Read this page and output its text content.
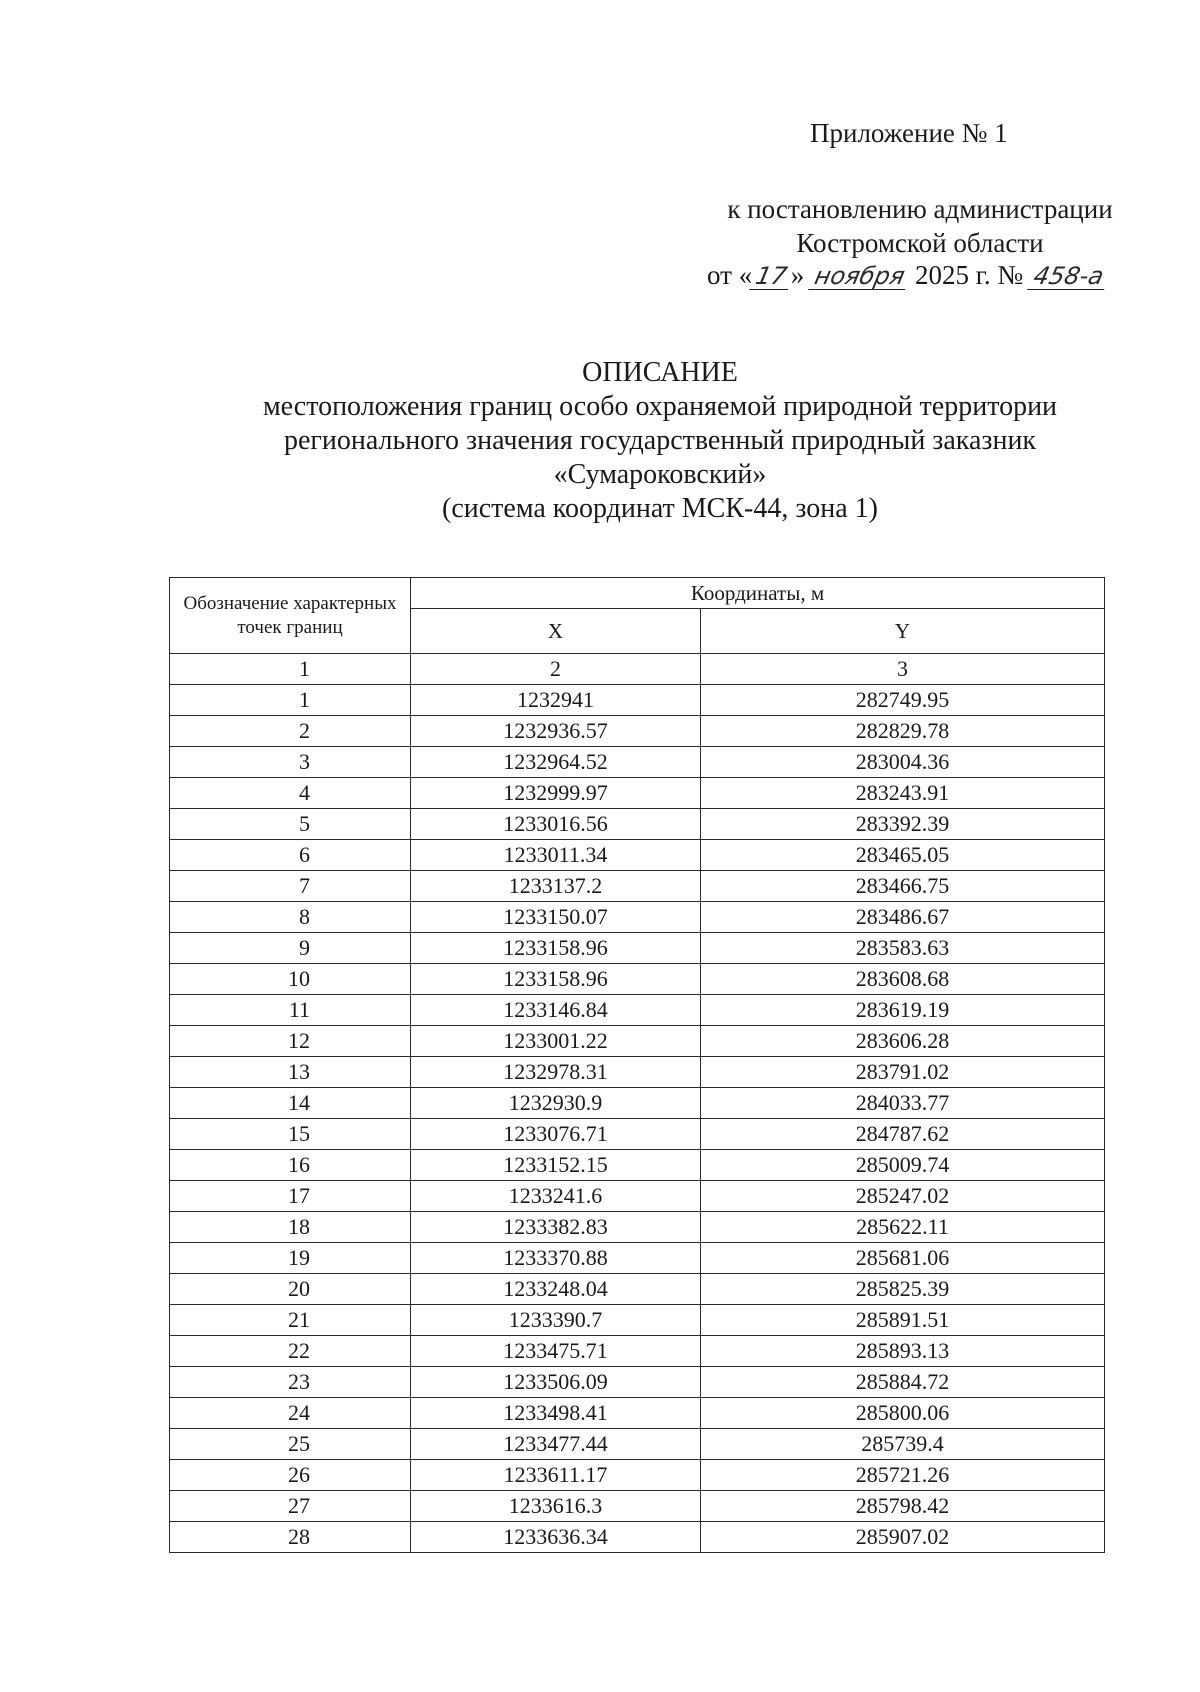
Приложение № 1
к постановлению администрации
Костромской области
от «17» ноября 2025 г. № 458-а
ОПИСАНИЕ
местоположения границ особо охраняемой природной территории
регионального значения государственный природный заказник
«Сумароковский»
(система координат МСК-44, зона 1)
Обозначение характерных точек границ	Координаты, м	
	X	Y
1	2	3
1	1232941	282749.95
2	1232936.57	282829.78
3	1232964.52	283004.36
4	1232999.97	283243.91
5	1233016.56	283392.39
6	1233011.34	283465.05
7	1233137.2	283466.75
8	1233150.07	283486.67
9	1233158.96	283583.63
10	1233158.96	283608.68
11	1233146.84	283619.19
12	1233001.22	283606.28
13	1232978.31	283791.02
14	1232930.9	284033.77
15	1233076.71	284787.62
16	1233152.15	285009.74
17	1233241.6	285247.02
18	1233382.83	285622.11
19	1233370.88	285681.06
20	1233248.04	285825.39
21	1233390.7	285891.51
22	1233475.71	285893.13
23	1233506.09	285884.72
24	1233498.41	285800.06
25	1233477.44	285739.4
26	1233611.17	285721.26
27	1233616.3	285798.42
28	1233636.34	285907.02
